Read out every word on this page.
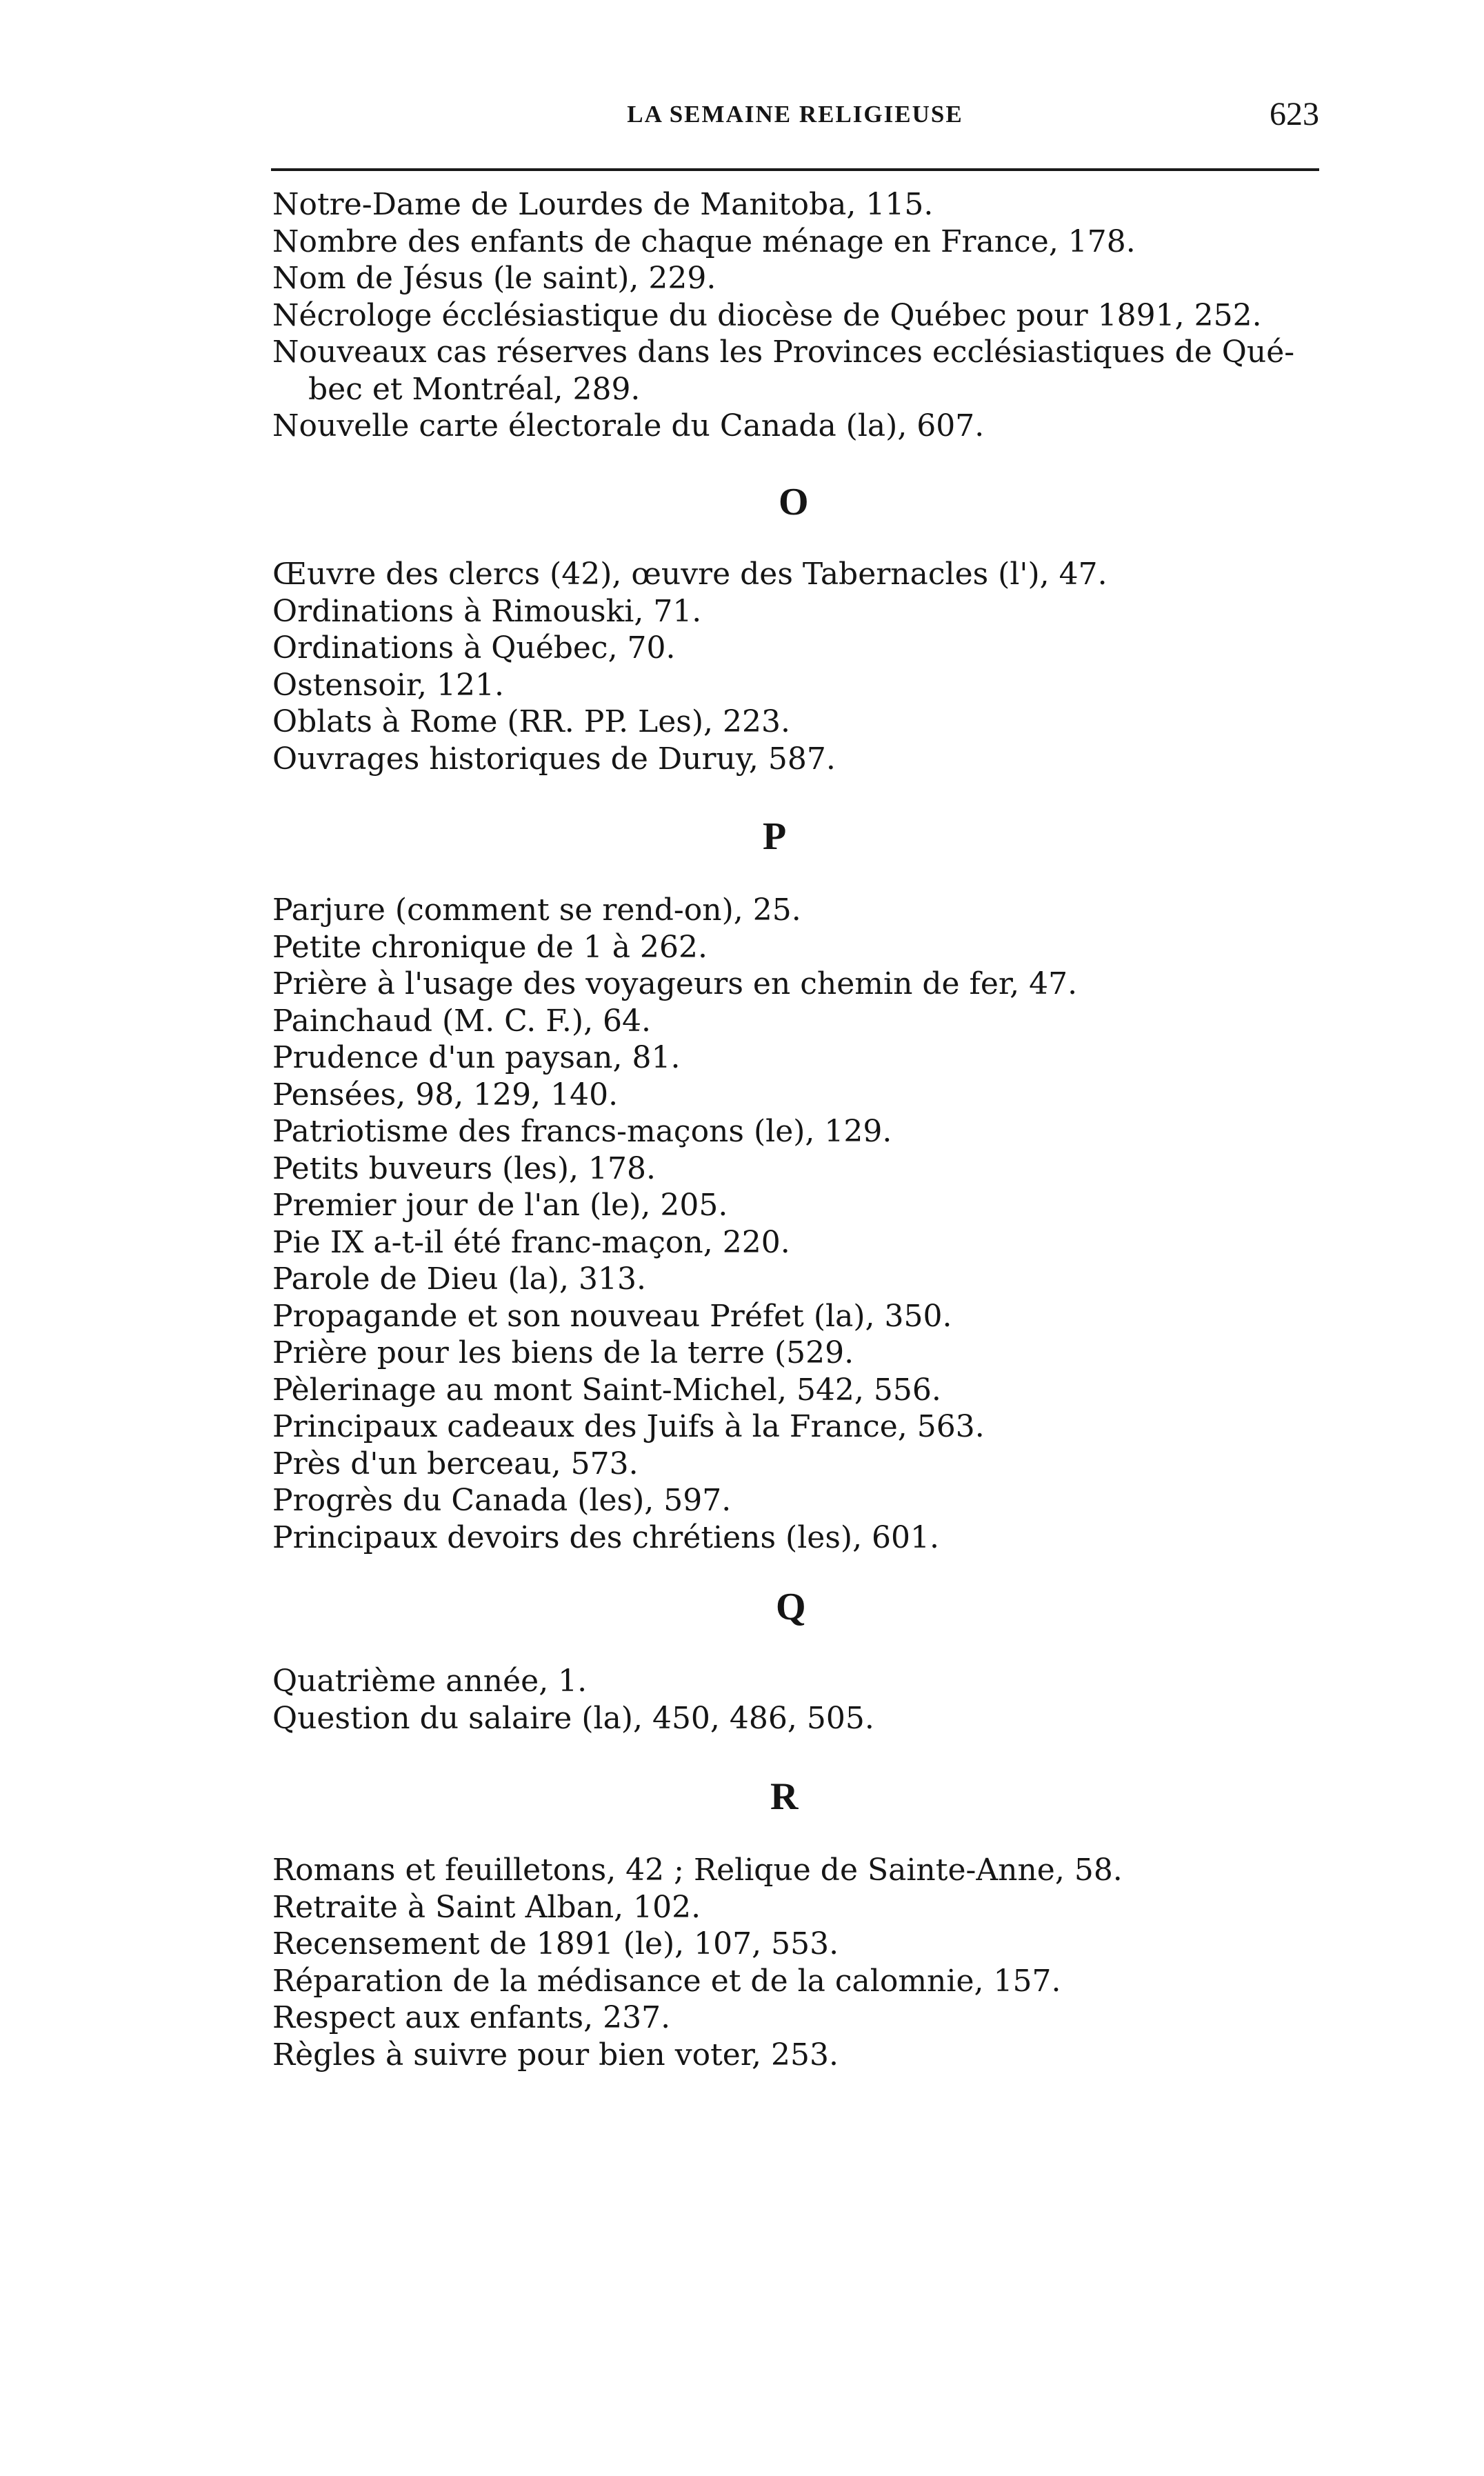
LA SEMAINE RELIGIEUSE	623
Notre-Dame de Lourdes de Manitoba, 115.
Nombre des enfants de chaque ménage en France, 178.
Nom de Jésus (le saint), 229.
Nécrologe écclésiastique du diocèse de Québec pour 1891, 252.
Nouveaux cas réserves dans les Provinces ecclésiastiques de Qué-
bec et Montréal, 289.
Nouvelle carte électorale du Canada (la), 607.
O
Œuvre des clercs (42), œuvre des Tabernacles (l'), 47.
Ordinations à Rimouski, 71.
Ordinations à Québec, 70.
Ostensoir, 121.
Oblats à Rome (RR. PP. Les), 223.
Ouvrages historiques de Duruy, 587.
P
Parjure (comment se rend-on), 25.
Petite chronique de 1 à 262.
Prière à l'usage des voyageurs en chemin de fer, 47.
Painchaud (M. C. F.), 64.
Prudence d'un paysan, 81.
Pensées, 98, 129, 140.
Patriotisme des francs-maçons (le), 129.
Petits buveurs (les), 178.
Premier jour de l'an (le), 205.
Pie IX a-t-il été franc-maçon, 220.
Parole de Dieu (la), 313.
Propagande et son nouveau Préfet (la), 350.
Prière pour les biens de la terre (529.
Pèlerinage au mont Saint-Michel, 542, 556.
Principaux cadeaux des Juifs à la France, 563.
Près d'un berceau, 573.
Progrès du Canada (les), 597.
Principaux devoirs des chrétiens (les), 601.
Q
Quatrième année, 1.
Question du salaire (la), 450, 486, 505.
R
Romans et feuilletons, 42 ; Relique de Sainte-Anne, 58.
Retraite à Saint Alban, 102.
Recensement de 1891 (le), 107, 553.
Réparation de la médisance et de la calomnie, 157.
Respect aux enfants, 237.
Règles à suivre pour bien voter, 253.
